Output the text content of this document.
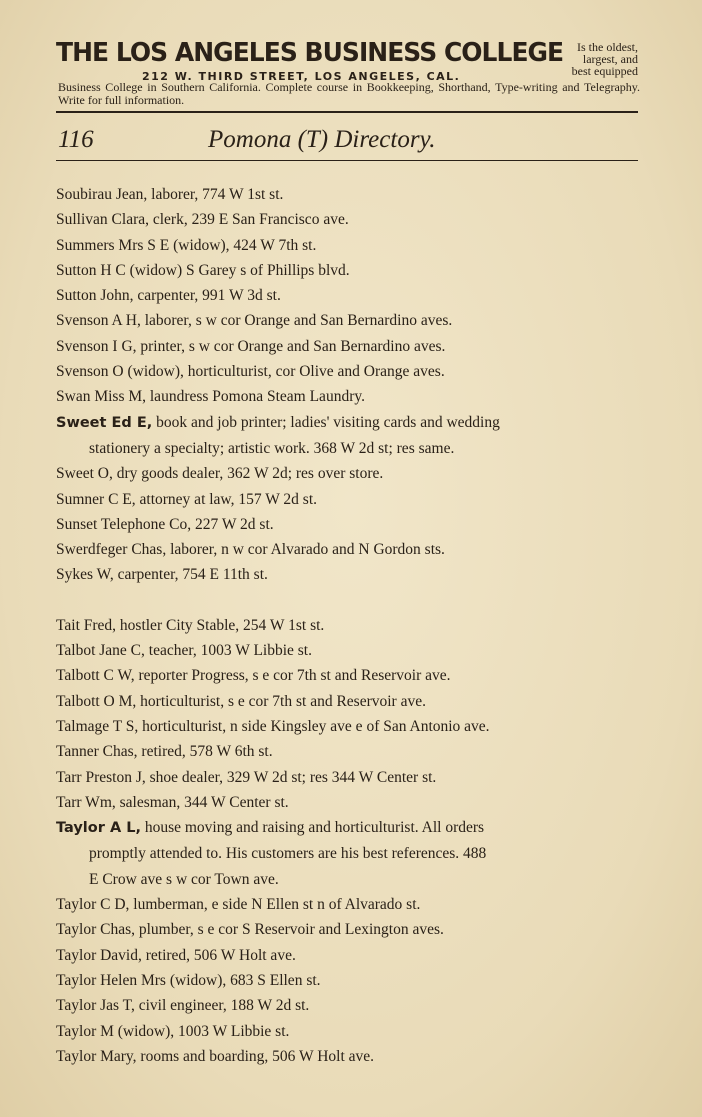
THE LOS ANGELES BUSINESS COLLEGE	Is the oldest,
largest, and
best equipped
212 W. THIRD STREET, LOS ANGELES, CAL.
Business College in Southern California. Complete course in Bookkeeping, Shorthand, Type-writing and Telegraphy. Write for full information.
116	Pomona (T) Directory.
Soubirau Jean, laborer, 774 W 1st st.
Sullivan Clara, clerk, 239 E San Francisco ave.
Summers Mrs S E (widow), 424 W 7th st.
Sutton H C (widow) S Garey s of Phillips blvd.
Sutton John, carpenter, 991 W 3d st.
Svenson A H, laborer, s w cor Orange and San Bernardino aves.
Svenson I G, printer, s w cor Orange and San Bernardino aves.
Svenson O (widow), horticulturist, cor Olive and Orange aves.
Swan Miss M, laundress Pomona Steam Laundry.
Sweet Ed E, book and job printer; ladies' visiting cards and wedding
stationery a specialty; artistic work. 368 W 2d st; res same.
Sweet O, dry goods dealer, 362 W 2d; res over store.
Sumner C E, attorney at law, 157 W 2d st.
Sunset Telephone Co, 227 W 2d st.
Swerdfeger Chas, laborer, n w cor Alvarado and N Gordon sts.
Sykes W, carpenter, 754 E 11th st.
Tait Fred, hostler City Stable, 254 W 1st st.
Talbot Jane C, teacher, 1003 W Libbie st.
Talbott C W, reporter Progress, s e cor 7th st and Reservoir ave.
Talbott O M, horticulturist, s e cor 7th st and Reservoir ave.
Talmage T S, horticulturist, n side Kingsley ave e of San Antonio ave.
Tanner Chas, retired, 578 W 6th st.
Tarr Preston J, shoe dealer, 329 W 2d st; res 344 W Center st.
Tarr Wm, salesman, 344 W Center st.
Taylor A L, house moving and raising and horticulturist. All orders
promptly attended to. His customers are his best references. 488
E Crow ave s w cor Town ave.
Taylor C D, lumberman, e side N Ellen st n of Alvarado st.
Taylor Chas, plumber, s e cor S Reservoir and Lexington aves.
Taylor David, retired, 506 W Holt ave.
Taylor Helen Mrs (widow), 683 S Ellen st.
Taylor Jas T, civil engineer, 188 W 2d st.
Taylor M (widow), 1003 W Libbie st.
Taylor Mary, rooms and boarding, 506 W Holt ave.
